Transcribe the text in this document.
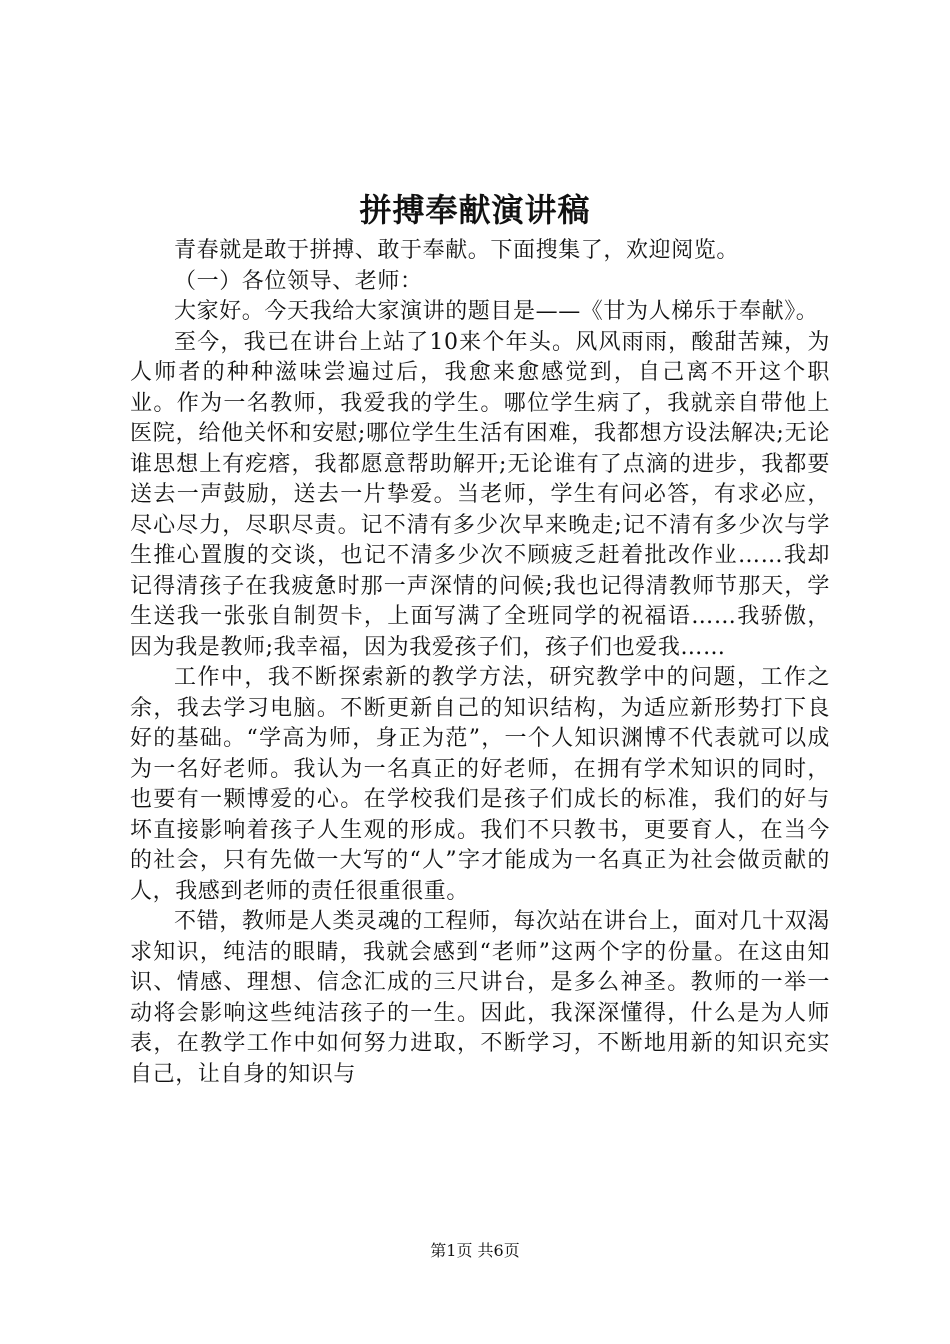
拼搏奉献演讲稿

青春就是敢于拼搏、敢于奉献。下面搜集了，欢迎阅览。

（一）各位领导、老师：

大家好。今天我给大家演讲的题目是——《甘为人梯乐于奉献》。

至今，我已在讲台上站了10来个年头。风风雨雨，酸甜苦辣，为人师者的种种滋味尝遍过后，我愈来愈感觉到，自己离不开这个职业。作为一名教师，我爱我的学生。哪位学生病了，我就亲自带他上医院，给他关怀和安慰;哪位学生生活有困难，我都想方设法解决;无论谁思想上有疙瘩，我都愿意帮助解开;无论谁有了点滴的进步，我都要送去一声鼓励，送去一片挚爱。当老师，学生有问必答，有求必应，尽心尽力，尽职尽责。记不清有多少次早来晚走;记不清有多少次与学生推心置腹的交谈，也记不清多少次不顾疲乏赶着批改作业……我却记得清孩子在我疲惫时那一声深情的问候;我也记得清教师节那天，学生送我一张张自制贺卡，上面写满了全班同学的祝福语……我骄傲，因为我是教师;我幸福，因为我爱孩子们，孩子们也爱我……

工作中，我不断探索新的教学方法，研究教学中的问题，工作之余，我去学习电脑。不断更新自己的知识结构，为适应新形势打下良好的基础。“学高为师，身正为范”，一个人知识渊博不代表就可以成为一名好老师。我认为一名真正的好老师，在拥有学术知识的同时，也要有一颗博爱的心。在学校我们是孩子们成长的标准，我们的好与坏直接影响着孩子人生观的形成。我们不只教书，更要育人，在当今的社会，只有先做一大写的“人”字才能成为一名真正为社会做贡献的人，我感到老师的责任很重很重。

不错，教师是人类灵魂的工程师，每次站在讲台上，面对几十双渴求知识，纯洁的眼睛，我就会感到“老师”这两个字的份量。在这由知识、情感、理想、信念汇成的三尺讲台，是多么神圣。教师的一举一动将会影响这些纯洁孩子的一生。因此，我深深懂得，什么是为人师表，在教学工作中如何努力进取，不断学习，不断地用新的知识充实自己，让自身的知识与

第1页 共6页
